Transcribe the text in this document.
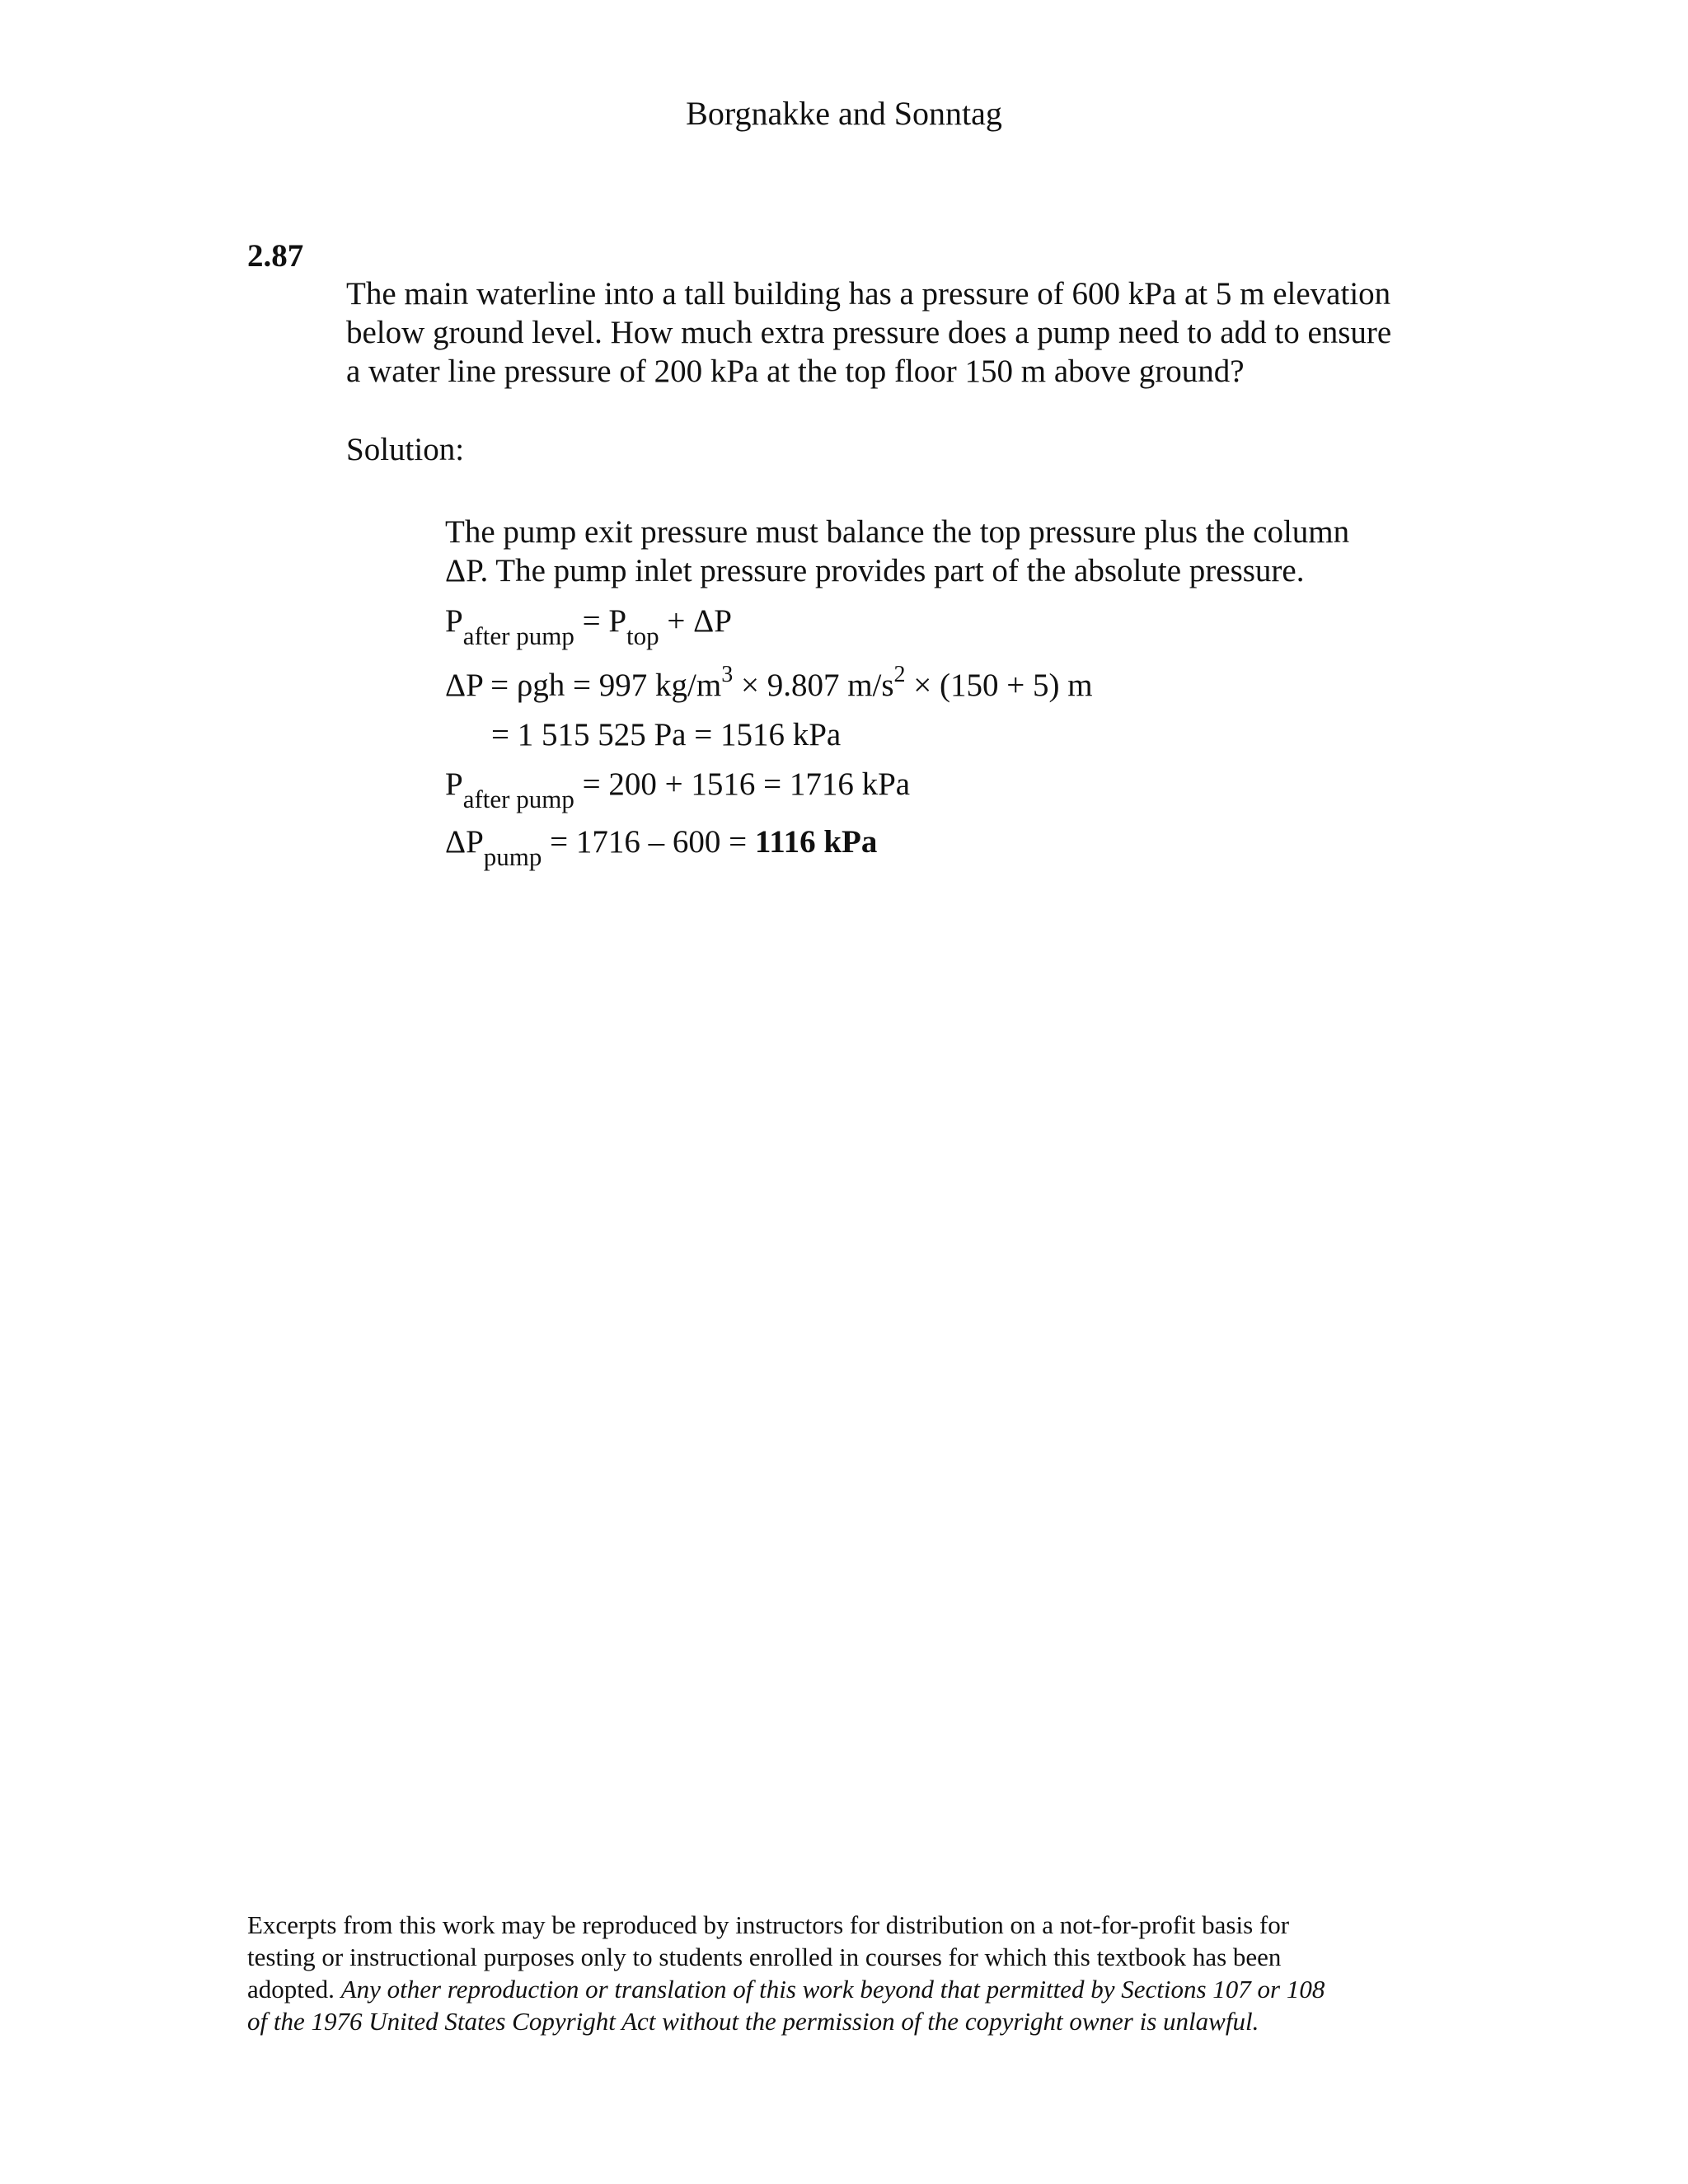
Borgnakke and Sonntag
2.87
The main waterline into a tall building has a pressure of 600 kPa at 5 m elevation
below ground level. How much extra pressure does a pump need to add to ensure
a water line pressure of 200 kPa at the top floor 150 m above ground?
Solution:
The pump exit pressure must balance the top pressure plus the column
ΔP. The pump inlet pressure provides part of the absolute pressure.
$P_{after pump} = P_{top} + \Delta P$
ΔP = ρgh = 997 $kg/m^3 \times 9.807$ $m/s^2 \times (150 + 5)$ m
= 1 515 525 Pa = 1516 kPa
$P_{after pump} = 200 + 1516 = 1716$ kPa
$\Delta P_{pump} = 1716 - 600 = 1116$ kPa
Excerpts from this work may be reproduced by instructors for distribution on a not-for-profit basis for
testing or instructional purposes only to students enrolled in courses for which this textbook has been
adopted. Any other reproduction or translation of this work beyond that permitted by Sections 107 or 108
of the 1976 United States Copyright Act without the permission of the copyright owner is unlawful.
